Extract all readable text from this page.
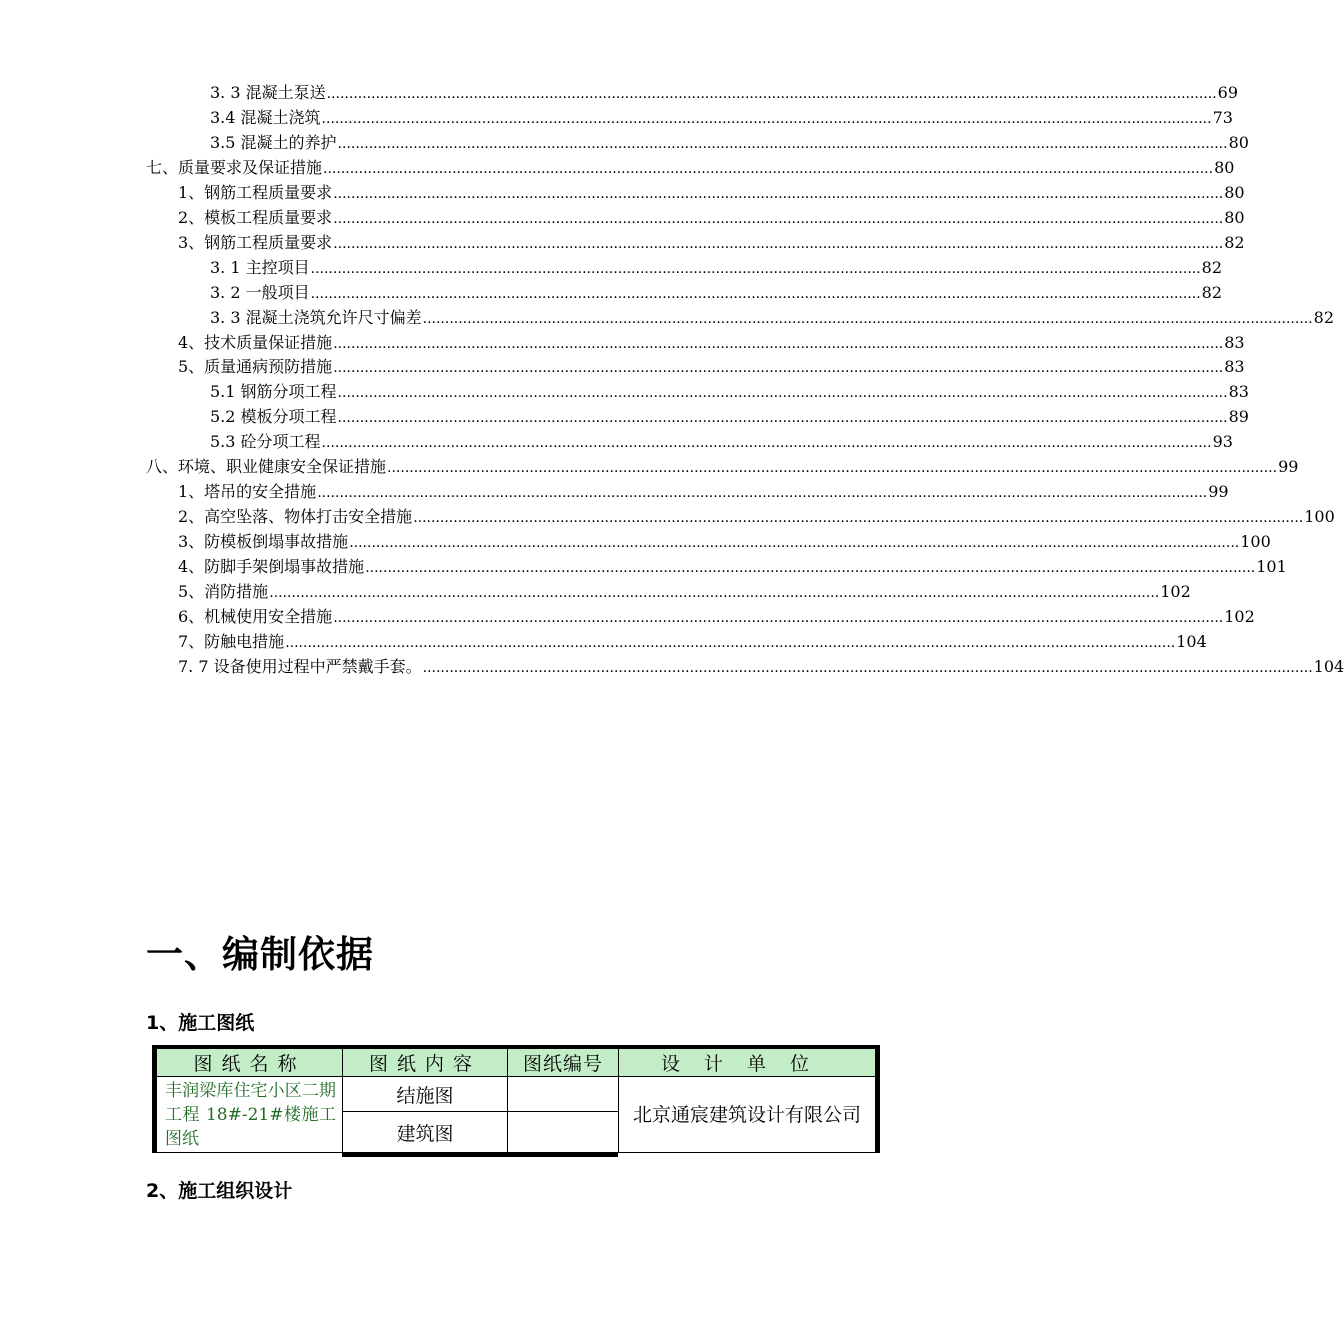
3. 3 混凝土泵送 ........................................................................................................................................................................................................ 69
3.4 混凝土浇筑 ........................................................................................................................................................................................................ 73
3.5 混凝土的养护 ........................................................................................................................................................................................................ 80
七、质量要求及保证措施 ........................................................................................................................................................................................................ 80
1、钢筋工程质量要求 ........................................................................................................................................................................................................ 80
2、模板工程质量要求 ........................................................................................................................................................................................................ 80
3、钢筋工程质量要求 ........................................................................................................................................................................................................ 82
3. 1 主控项目 ........................................................................................................................................................................................................ 82
3. 2 一般项目 ........................................................................................................................................................................................................ 82
3. 3 混凝土浇筑允许尺寸偏差 ........................................................................................................................................................................................................ 82
4、技术质量保证措施 ........................................................................................................................................................................................................ 83
5、质量通病预防措施 ........................................................................................................................................................................................................ 83
5.1 钢筋分项工程 ........................................................................................................................................................................................................ 83
5.2 模板分项工程 ........................................................................................................................................................................................................ 89
5.3 砼分项工程 ........................................................................................................................................................................................................ 93
八、环境、职业健康安全保证措施 ........................................................................................................................................................................................................ 99
1、塔吊的安全措施 ........................................................................................................................................................................................................ 99
2、高空坠落、物体打击安全措施 ........................................................................................................................................................................................................ 100
3、防模板倒塌事故措施 ........................................................................................................................................................................................................ 100
4、防脚手架倒塌事故措施 ........................................................................................................................................................................................................ 101
5、消防措施 ........................................................................................................................................................................................................ 102
6、机械使用安全措施 ........................................................................................................................................................................................................ 102
7、防触电措施 ........................................................................................................................................................................................................ 104
7. 7 设备使用过程中严禁戴手套。 ........................................................................................................................................................................................................ 104
一、编制依据
1、施工图纸
图纸名称	图纸内容 图纸编号	设计单位
丰润梁库住宅小区二期工程 18#-21#楼施工图纸
结施图
建筑图
北京通宸建筑设计有限公司
2、施工组织设计
